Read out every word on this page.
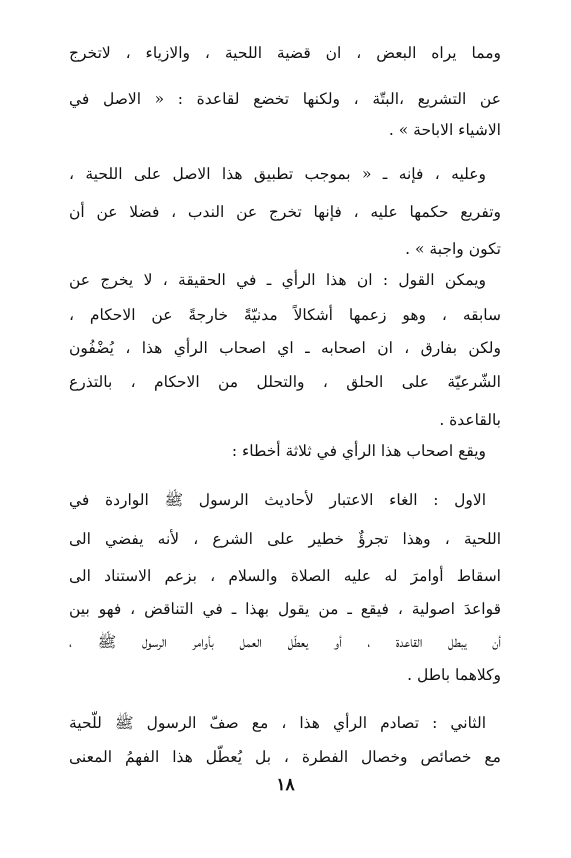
ومما يراه البعض ، ان قضية اللحية ، والازياء ، لاتخرج
عن التشريع ،البتّة ، ولكنها تخضع لقاعدة : « الاصل في
الاشياء الاباحة » .
وعليه ، فإنه ـ « بموجب تطبيق هذا الاصل على اللحية ،
وتفريع حكمها عليه ، فإنها تخرج عن الندب ، فضلا عن أن
تكون واجبة » .
ويمكن القول : ان هذا الرأي ـ في الحقيقة ، لا يخرج عن
سابقه ، وهو زعمها أشكالاً مدنيّةً خارجةً عن الاحكام ،
ولكن بفارق ، ان اصحابه ـ اي اصحاب الرأي هذا ، يُضْفُون
الشّرعيّة على الحلق ، والتحلل من الاحكام ، بالتذرع
بالقاعدة .
ويقع اصحاب هذا الرأي في ثلاثة أخطاء :
الاول : الغاء الاعتبار لأحاديث الرسول ﷺ الواردة في
اللحية ، وهذا تجرؤٌ خطير على الشرع ، لأنه يفضي الى
اسقاط أوامرَ له عليه الصلاة والسلام ، بزعم الاستناد الى
قواعدَ اصولية ، فيقع ـ من يقول بهذا ـ في التناقض ، فهو بين
أن يبطل القاعدة ، أو يعطّل العمل بأوامر الرسول ﷺ ،
وكلاهما باطل .
الثاني : تصادم الرأي هذا ، مع صفّ الرسول ﷺ للّحية
مع خصائص وخصال الفطرة ، بل يُعطّل هذا الفهمُ المعنى
١٨
